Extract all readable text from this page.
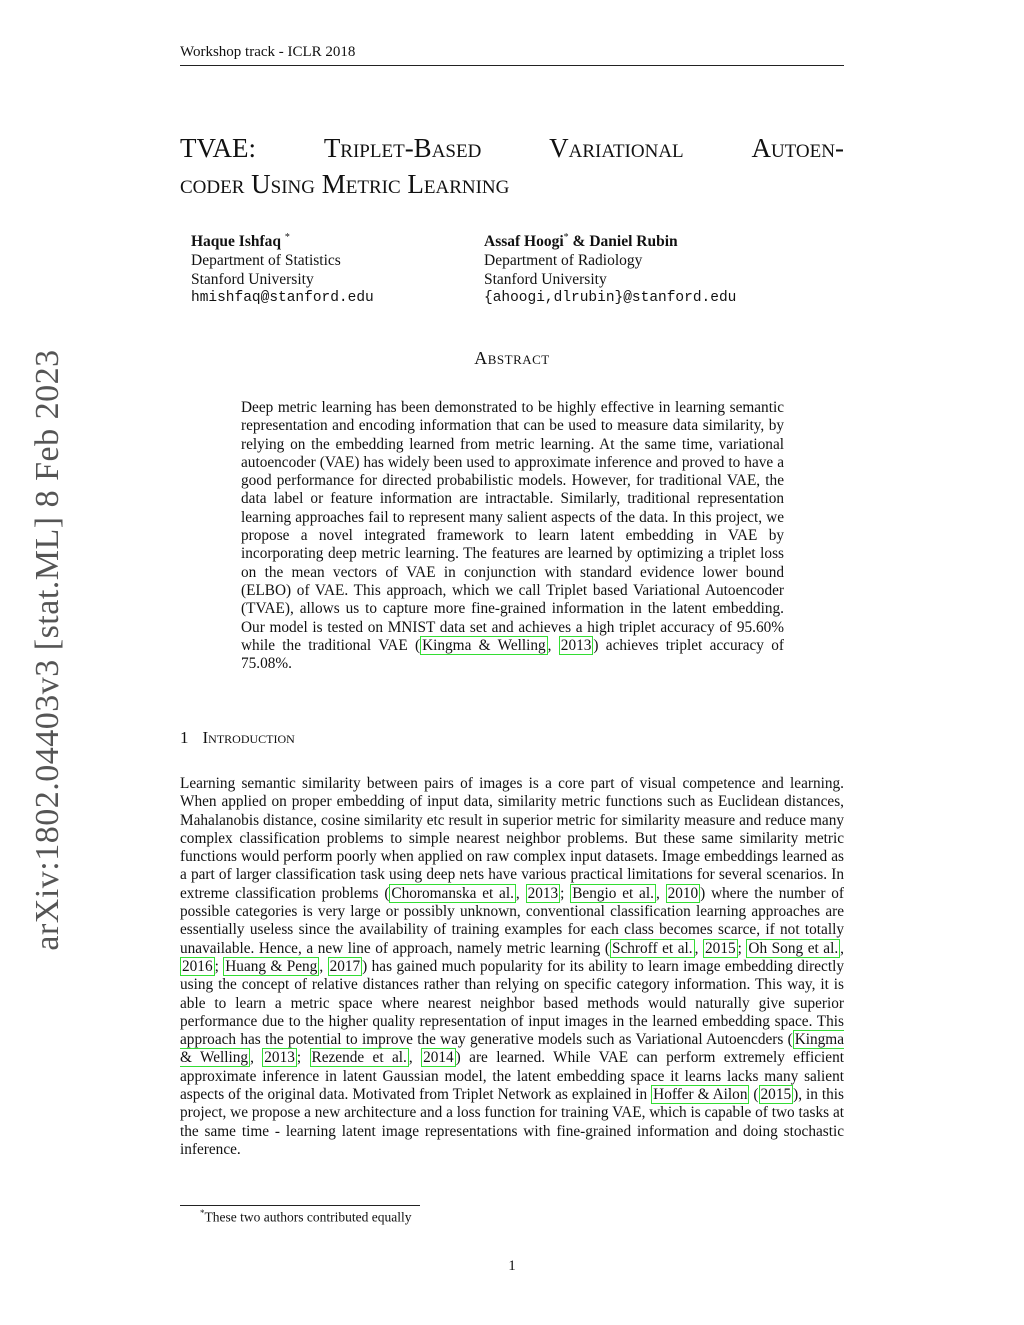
Workshop track - ICLR 2018
arXiv:1802.04403v3 [stat.ML] 8 Feb 2023
TVAE:	Triplet-Based	Variational	Autoen-
coder Using Metric Learning
Haque Ishfaq *
Department of Statistics
Stanford University
hmishfaq@stanford.edu
Assaf Hoogi* & Daniel Rubin
Department of Radiology
Stanford University
{ahoogi,dlrubin}@stanford.edu
Abstract
Deep metric learning has been demonstrated to be highly effective in learning semantic representation and encoding information that can be used to measure data similarity, by relying on the embedding learned from metric learning. At the same time, variational autoencoder (VAE) has widely been used to approximate inference and proved to have a good performance for directed probabilistic models. However, for traditional VAE, the data label or feature information are intractable. Similarly, traditional representation learning approaches fail to represent many salient aspects of the data. In this project, we propose a novel integrated framework to learn latent embedding in VAE by incorporating deep metric learning. The features are learned by optimizing a triplet loss on the mean vectors of VAE in conjunction with standard evidence lower bound (ELBO) of VAE. This approach, which we call Triplet based Variational Autoencoder (TVAE), allows us to capture more fine-grained information in the latent embedding. Our model is tested on MNIST data set and achieves a high triplet accuracy of 95.60% while the traditional VAE ( Kingma & Welling , 2013 ) achieves triplet accuracy of 75.08%.
1 Introduction
Learning semantic similarity between pairs of images is a core part of visual competence and learning. When applied on proper embedding of input data, similarity metric functions such as Euclidean distances, Mahalanobis distance, cosine similarity etc result in superior metric for similarity measure and reduce many complex classification problems to simple nearest neighbor problems. But these same similarity metric functions would perform poorly when applied on raw complex input datasets. Image embeddings learned as a part of larger classification task using deep nets have various practical limitations for several scenarios. In extreme classification problems ( Choromanska et al. , 2013 ; Bengio et al. , 2010 ) where the number of possible categories is very large or possibly unknown, conventional classification learning approaches are essentially useless since the availability of training examples for each class becomes scarce, if not totally unavailable. Hence, a new line of approach, namely metric learning ( Schroff et al. , 2015 ; Oh Song et al. , 2016 ; Huang & Peng , 2017 ) has gained much popularity for its ability to learn image embedding directly using the concept of relative distances rather than relying on specific category information. This way, it is able to learn a metric space where nearest neighbor based methods would naturally give superior performance due to the higher quality representation of input images in the learned embedding space. This approach has the potential to improve the way generative models such as Variational Autoencders ( Kingma & Welling , 2013 ; Rezende et al. , 2014 ) are learned. While VAE can perform extremely efficient approximate inference in latent Gaussian model, the latent embedding space it learns lacks many salient aspects of the original data. Motivated from Triplet Network as explained in Hoffer & Ailon ( 2015 ), in this project, we propose a new architecture and a loss function for training VAE, which is capable of two tasks at the same time - learning latent image representations with fine-grained information and doing stochastic inference.
*These two authors contributed equally
1
